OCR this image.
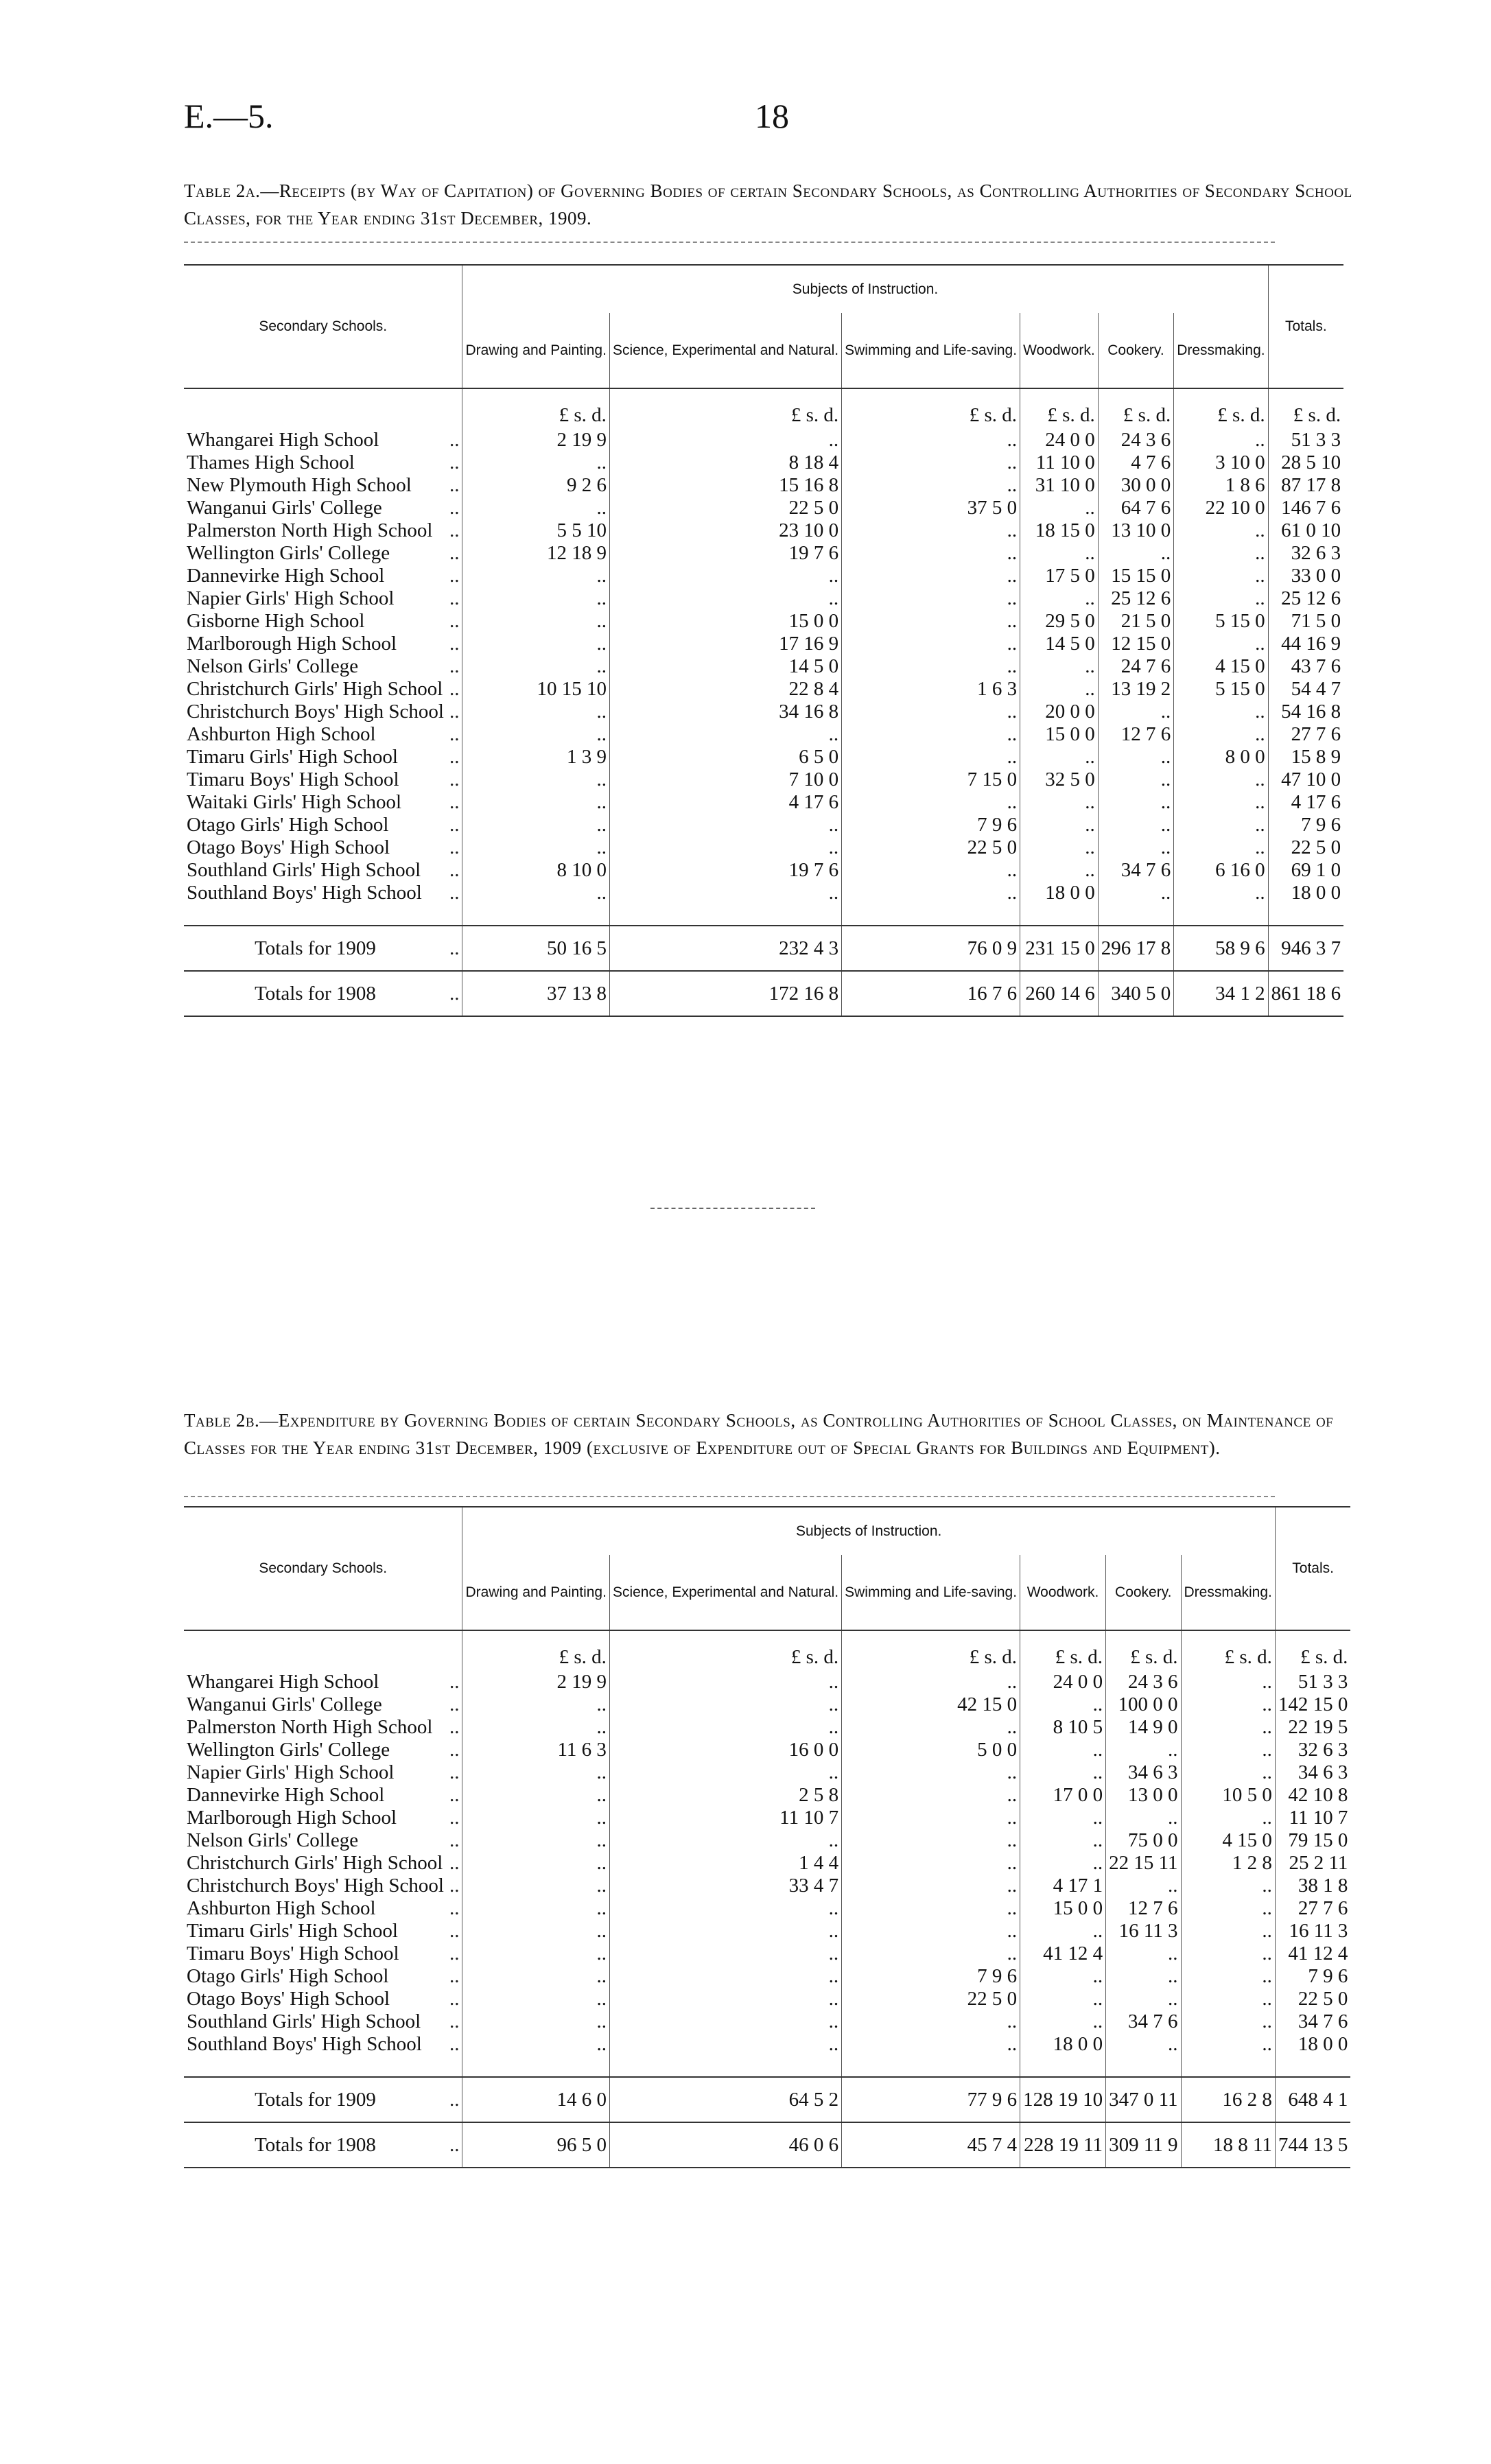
E.—5.	18
Table 2a.—Receipts (by Way of Capitation) of Governing Bodies of certain Secondary Schools, as Controlling Authorities of Secondary School Classes, for the Year ending 31st December, 1909.
Secondary Schools.		Subjects of Instruction.						Totals.
		Drawing and Painting.	Science, Experimental and Natural.	Swimming and Life-saving.	Woodwork.	Cookery.	Dressmaking.	
		£ s. d.	£ s. d.	£ s. d.	£ s. d.	£ s. d.	£ s. d.	£ s. d.
Whangarei High School	..	2 19 9	..	..	24 0 0	24 3 6	..	51 3 3
Thames High School	..	..	8 18 4	..	11 10 0	4 7 6	3 10 0	28 5 10
New Plymouth High School	..	9 2 6	15 16 8	..	31 10 0	30 0 0	1 8 6	87 17 8
Wanganui Girls' College	..	..	22 5 0	37 5 0	..	64 7 6	22 10 0	146 7 6
Palmerston North High School	..	5 5 10	23 10 0	..	18 15 0	13 10 0	..	61 0 10
Wellington Girls' College	..	12 18 9	19 7 6	..	..	..	..	32 6 3
Dannevirke High School	..	..	..	..	17 5 0	15 15 0	..	33 0 0
Napier Girls' High School	..	..	..	..	..	25 12 6	..	25 12 6
Gisborne High School	..	..	15 0 0	..	29 5 0	21 5 0	5 15 0	71 5 0
Marlborough High School	..	..	17 16 9	..	14 5 0	12 15 0	..	44 16 9
Nelson Girls' College	..	..	14 5 0	..	..	24 7 6	4 15 0	43 7 6
Christchurch Girls' High School	..	10 15 10	22 8 4	1 6 3	..	13 19 2	5 15 0	54 4 7
Christchurch Boys' High School	..	..	34 16 8	..	20 0 0	..	..	54 16 8
Ashburton High School	..	..	..	..	15 0 0	12 7 6	..	27 7 6
Timaru Girls' High School	..	1 3 9	6 5 0	..	..	..	8 0 0	15 8 9
Timaru Boys' High School	..	..	7 10 0	7 15 0	32 5 0	..	..	47 10 0
Waitaki Girls' High School	..	..	4 17 6	..	..	..	..	4 17 6
Otago Girls' High School	..	..	..	7 9 6	..	..	..	7 9 6
Otago Boys' High School	..	..	..	22 5 0	..	..	..	22 5 0
Southland Girls' High School	..	8 10 0	19 7 6	..	..	34 7 6	6 16 0	69 1 0
Southland Boys' High School	..	..	..	..	18 0 0	..	..	18 0 0

Totals for 1909	..	50 16 5	232 4 3	76 0 9	231 15 0	296 17 8	58 9 6	946 3 7
Totals for 1908	..	37 13 8	172 16 8	16 7 6	260 14 6	340 5 0	34 1 2	861 18 6
Table 2b.—Expenditure by Governing Bodies of certain Secondary Schools, as Controlling Authorities of School Classes, on Maintenance of Classes for the Year ending 31st December, 1909 (exclusive of Expenditure out of Special Grants for Buildings and Equipment).
Secondary Schools.		Subjects of Instruction.						Totals.
		Drawing and Painting.	Science, Experimental and Natural.	Swimming and Life-saving.	Woodwork.	Cookery.	Dressmaking.	
		£ s. d.	£ s. d.	£ s. d.	£ s. d.	£ s. d.	£ s. d.	£ s. d.
Whangarei High School	..	2 19 9	..	..	24 0 0	24 3 6	..	51 3 3
Wanganui Girls' College	..	..	..	42 15 0	..	100 0 0	..	142 15 0
Palmerston North High School	..	..	..	..	8 10 5	14 9 0	..	22 19 5
Wellington Girls' College	..	11 6 3	16 0 0	5 0 0	..	..	..	32 6 3
Napier Girls' High School	..	..	..	..	..	34 6 3	..	34 6 3
Dannevirke High School	..	..	2 5 8	..	17 0 0	13 0 0	10 5 0	42 10 8
Marlborough High School	..	..	11 10 7	..	..	..	..	11 10 7
Nelson Girls' College	..	..	..	..	..	75 0 0	4 15 0	79 15 0
Christchurch Girls' High School	..	..	1 4 4	..	..	22 15 11	1 2 8	25 2 11
Christchurch Boys' High School	..	..	33 4 7	..	4 17 1	..	..	38 1 8
Ashburton High School	..	..	..	..	15 0 0	12 7 6	..	27 7 6
Timaru Girls' High School	..	..	..	..	..	16 11 3	..	16 11 3
Timaru Boys' High School	..	..	..	..	41 12 4	..	..	41 12 4
Otago Girls' High School	..	..	..	7 9 6	..	..	..	7 9 6
Otago Boys' High School	..	..	..	22 5 0	..	..	..	22 5 0
Southland Girls' High School	..	..	..	..	..	34 7 6	..	34 7 6
Southland Boys' High School	..	..	..	..	18 0 0	..	..	18 0 0

Totals for 1909	..	14 6 0	64 5 2	77 9 6	128 19 10	347 0 11	16 2 8	648 4 1
Totals for 1908	..	96 5 0	46 0 6	45 7 4	228 19 11	309 11 9	18 8 11	744 13 5
